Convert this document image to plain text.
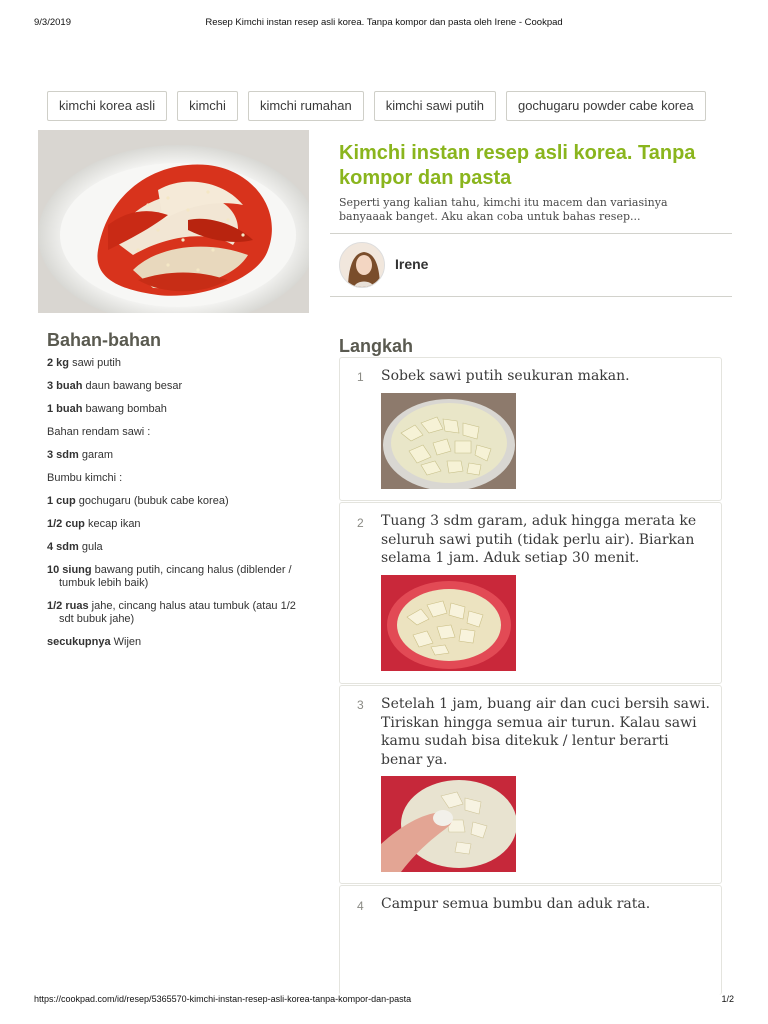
9/3/2019	Resep Kimchi instan resep asli korea. Tanpa kompor dan pasta oleh Irene - Cookpad
kimchi korea asli	kimchi	kimchi rumahan	kimchi sawi putih	gochugaru powder cabe korea
Kimchi instan resep asli korea. Tanpa kompor dan pasta

Seperti yang kalian tahu, kimchi itu macem dan variasinya banyaaak banget. Aku akan coba untuk bahas resep...

Irene
Bahan-bahan
2 kg sawi putih
3 buah daun bawang besar
1 buah bawang bombah
Bahan rendam sawi :
3 sdm garam
Bumbu kimchi :
1 cup gochugaru (bubuk cabe korea)
1/2 cup kecap ikan
4 sdm gula
10 siung bawang putih, cincang halus (diblender / tumbuk lebih baik)
1/2 ruas jahe, cincang halus atau tumbuk (atau 1/2 sdt bubuk jahe)
secukupnya Wijen
Langkah
1 Sobek sawi putih seukuran makan.

2 Tuang 3 sdm garam, aduk hingga merata ke seluruh sawi putih (tidak perlu air). Biarkan selama 1 jam. Aduk setiap 30 menit.

3 Setelah 1 jam, buang air dan cuci bersih sawi. Tiriskan hingga semua air turun. Kalau sawi kamu sudah bisa ditekuk / lentur berarti benar ya.

4 Campur semua bumbu dan aduk rata.

https://cookpad.com/id/resep/5365570-kimchi-instan-resep-asli-korea-tanpa-kompor-dan-pasta	1/2
